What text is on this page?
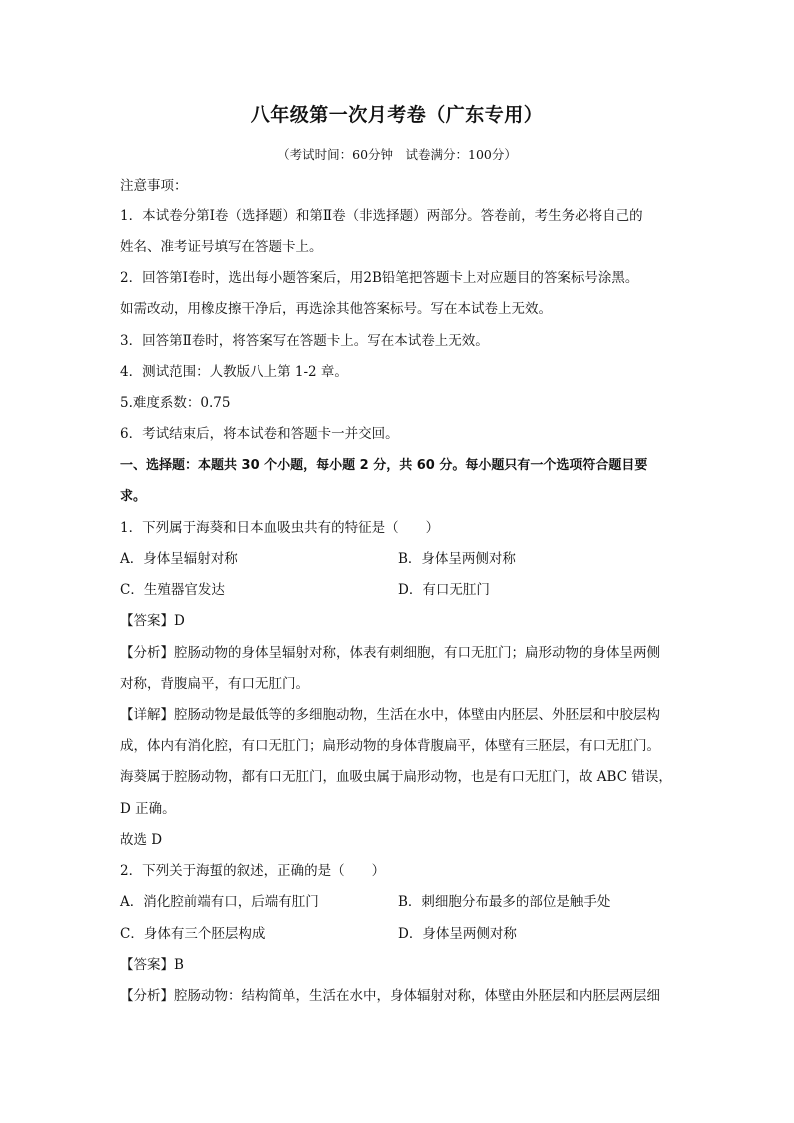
八年级第一次月考卷（广东专用）
（考试时间：60分钟　试卷满分：100分）
注意事项：
1．本试卷分第Ⅰ卷（选择题）和第Ⅱ卷（非选择题）两部分。答卷前，考生务必将自己的
姓名、准考证号填写在答题卡上。
2．回答第Ⅰ卷时，选出每小题答案后，用2B铅笔把答题卡上对应题目的答案标号涂黑。
如需改动，用橡皮擦干净后，再选涂其他答案标号。写在本试卷上无效。
3．回答第Ⅱ卷时，将答案写在答题卡上。写在本试卷上无效。
4．测试范围：人教版八上第 1-2 章。
5.难度系数：0.75
6．考试结束后，将本试卷和答题卡一并交回。
一、选择题：本题共 30 个小题，每小题 2 分，共 60 分。每小题只有一个选项符合题目要
求。
1．下列属于海葵和日本血吸虫共有的特征是（　　）
A．身体呈辐射对称	B．身体呈两侧对称
C．生殖器官发达	D．有口无肛门
【答案】D
【分析】腔肠动物的身体呈辐射对称，体表有刺细胞，有口无肛门；扁形动物的身体呈两侧
对称，背腹扁平，有口无肛门。
【详解】腔肠动物是最低等的多细胞动物，生活在水中，体壁由内胚层、外胚层和中胶层构
成，体内有消化腔，有口无肛门；扁形动物的身体背腹扁平，体壁有三胚层，有口无肛门。
海葵属于腔肠动物，都有口无肛门，血吸虫属于扁形动物，也是有口无肛门，故 ABC 错误，
D 正确。
故选 D
2．下列关于海蜇的叙述，正确的是（　　）
A．消化腔前端有口，后端有肛门	B．刺细胞分布最多的部位是触手处
C．身体有三个胚层构成	D．身体呈两侧对称
【答案】B
【分析】腔肠动物：结构简单，生活在水中，身体辐射对称，体壁由外胚层和内胚层两层细
